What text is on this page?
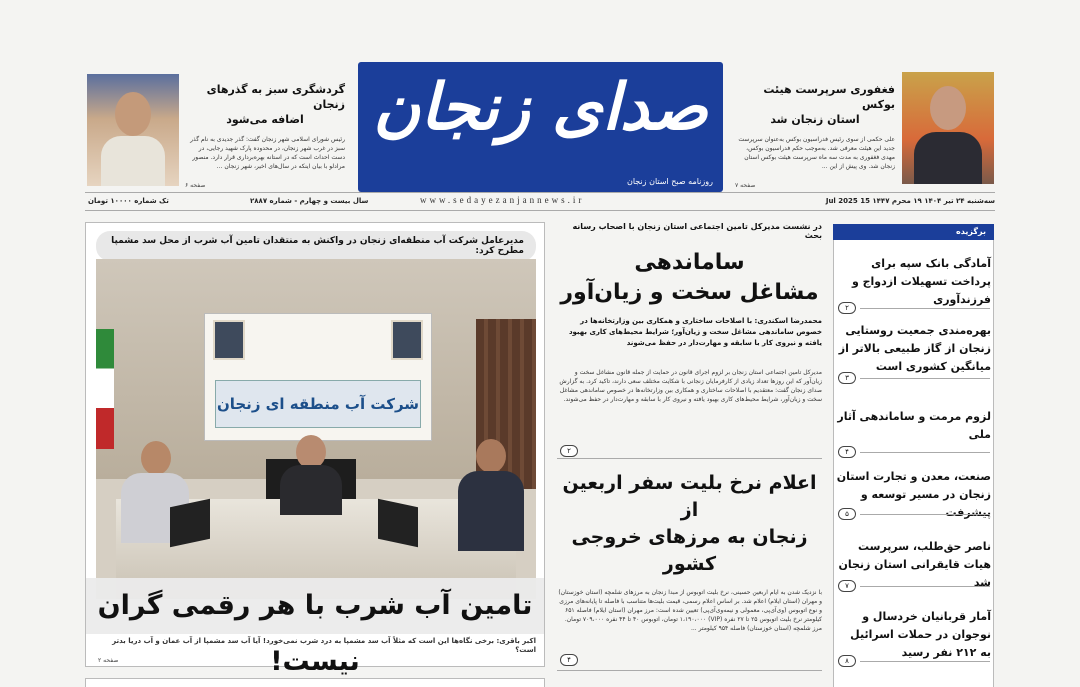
گردشگری سبز به گذرهای زنجان
اضافه می‌شود
رئیس شورای اسلامی شهر زنجان گفت: گذر جدیدی به نام گذر سبز در غرب شهر زنجان، در محدوده پارک شهید رجایی، در دست احداث است که در استانه بهره‌برداری قرار دارد. منصور مرادلو با بیان اینکه در سال‌های اخیر، شهر زنجان ...
صفحه ۶
صدای زنجان
روزنامه صبح استان زنجان
فغفوری سرپرست هیئت بوکس
استان زنجان شد
علی حکمی از سوی رئیس فدراسیون بوکس به‌عنوان سرپرست جدید این هیئت معرفی شد. به‌موجب حکم فدراسیون بوکس، مهدی فغفوری به مدت سه ماه سرپرست هیئت بوکس استان زنجان شد. وی پیش از این ...
صفحه ۷
تک شماره ۱۰۰۰۰ تومان	سال بیست و چهارم - شماره ۲۸۸۷	www.sedayezanjannews.ir	سه‌شنبه ۲۴ تیر ۱۴۰۴ ۱۹ محرم ۱۴۴۷ 15 Jul 2025
مدیرعامل شرکت آب منطقه‌ای زنجان در واکنش به منتقدان تامین آب شرب از محل سد مشمپا مطرح کرد:
شرکت آب منطقه ای زنجان
تامین آب شرب با هر رقمی گران نیست!
اکبر باقری: برخی نگاه‌ها این است که مثلاً آب سد مشمپا به درد شرب نمی‌خورد! آیا آب سد مشمپا از آب عمان و آب دریا بدتر است؟
صفحه ۲
در نشست مدیرکل تامین اجتماعی استان زنجان با اصحاب رسانه بحث
ساماندهی
مشاغل سخت و زیان‌آور
محمدرضا اسکندری: با اصلاحات ساختاری و همکاری بین وزارتخانه‌ها در خصوص ساماندهی مشاغل سخت و زیان‌آور؛ شرایط محیط‌های کاری بهبود یافته و نیروی کار با سابقه و مهارت‌دار در حفظ می‌شوند
مدیرکل تامین اجتماعی استان زنجان بر لزوم اجرای قانون در حمایت از جمله قانون مشاغل سخت و زیان‌آور که این روزها تعداد زیادی از کارفرمایان زنجانی با شکایت مختلف سعی دارند، تاکید کرد. به گزارش صدای زنجان گفت: معتقدیم با اصلاحات ساختاری و همکاری بین وزارتخانه‌ها در خصوص ساماندهی مشاغل سخت و زیان‌آور، شرایط محیط‌های کاری بهبود یافته و نیروی کار با سابقه و مهارت‌دار در حفظ می‌شوند.
۲
اعلام نرخ بلیت سفر اربعین از
زنجان به مرزهای خروجی کشور
با نزدیک شدن به ایام اربعین حسینی، نرخ بلیت اتوبوس از مبدا زنجان به مرزهای شلمچه (استان خوزستان) و مهران (استان ایلام) اعلام شد. بر اساس اعلام رسمی، قیمت بلیت‌ها متناسب با فاصله تا پایانه‌های مرزی و نوع اتوبوس (وی‌آی‌پی، معمولی و نیمه‌وی‌آی‌پی) تعیین شده است: مرز مهران (استان ایلام) فاصله ۶۵۱ کیلومتر نرخ بلیت اتوبوس ۲۵ تا ۲۷ نفره (VIP) ۱،۱۹۰،۰۰۰ تومان، اتوبوس ۴۰ تا ۴۴ نفره ۷۰۹،۰۰۰ تومان. مرز شلمچه (استان خوزستان) فاصله ۹۵۴ کیلومتر ...
۴
برگزیده
آمادگی بانک سپه برای پرداخت تسهیلات ازدواج و فرزندآوری
۲
بهره‌مندی جمعیت روستایی زنجان از گاز طبیعی بالاتر از میانگین کشوری است
۳
لزوم مرمت و ساماندهی آثار ملی
۴
صنعت، معدن و تجارت استان زنجان در مسیر توسعه و پیشرفت
۵
ناصر حق‌طلب، سرپرست هیات قایقرانی استان زنجان شد
۷
آمار قربانیان خردسال و نوجوان در حملات اسرائیل به ۲۱۲ نفر رسید
۸
